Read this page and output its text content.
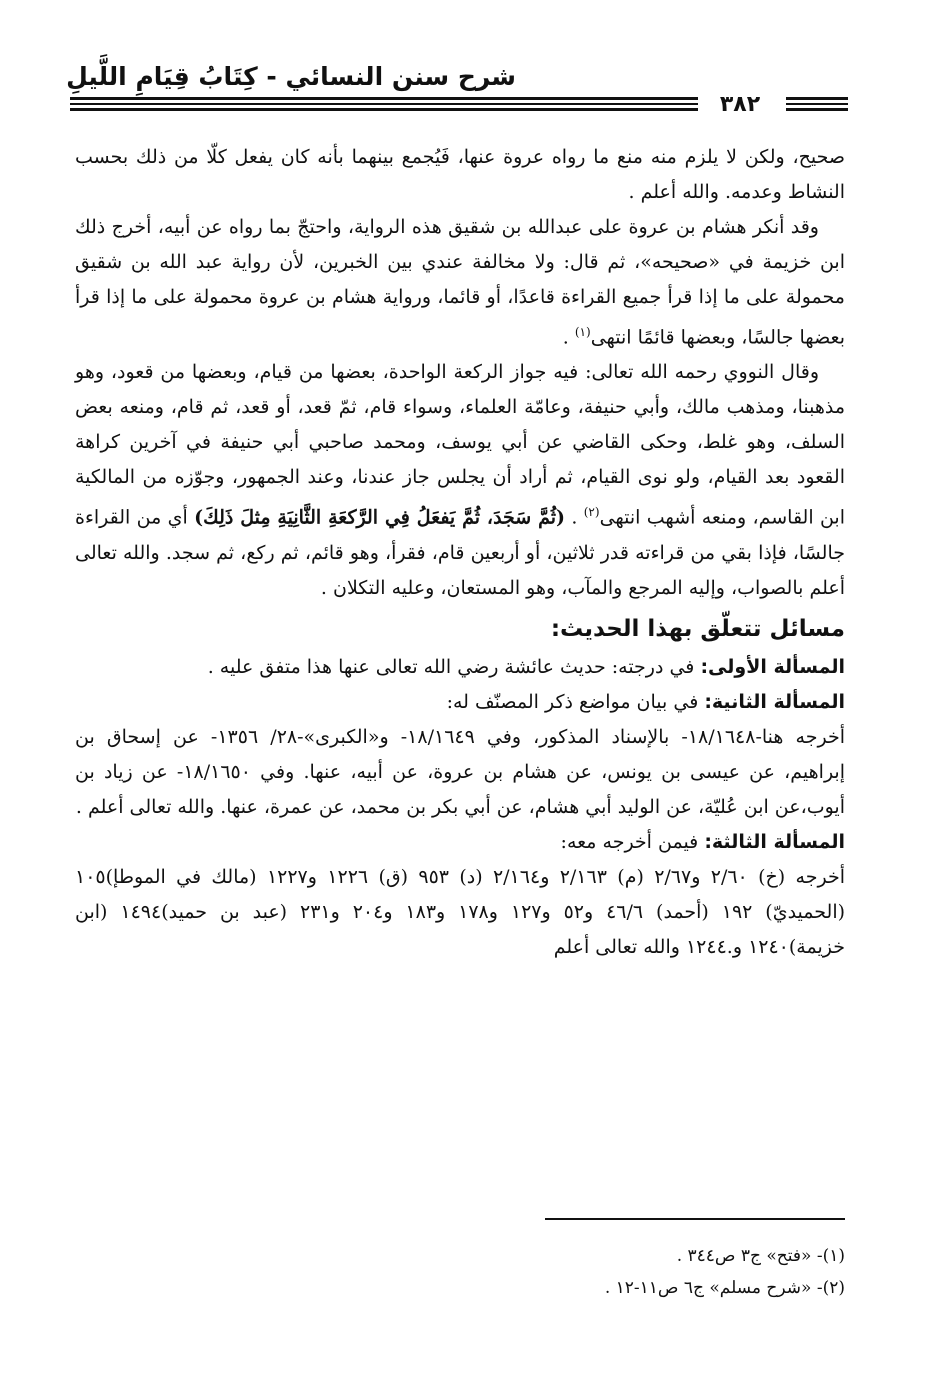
شرح سنن النسائي - كِتَابُ قِيَامِ اللَّيلِ
٣٨٢

صحيح، ولكن لا يلزم منه منع ما رواه عروة عنها، فَيُجمع بينهما بأنه كان يفعل كلّا من ذلك بحسب النشاط وعدمه. والله أعلم .

وقد أنكر هشام بن عروة على عبدالله بن شقيق هذه الرواية، واحتجّ بما رواه عن أبيه، أخرج ذلك ابن خزيمة في «صحيحه»، ثم قال: ولا مخالفة عندي بين الخبرين، لأن رواية عبد الله بن شقيق محمولة على ما إذا قرأ جميع القراءة قاعدًا، أو قائما، ورواية هشام بن عروة محمولة على ما إذا قرأ بعضها جالسًا، وبعضها قائمًا انتهى$^{(١)}$ .

وقال النووي رحمه الله تعالى: فيه جواز الركعة الواحدة، بعضها من قيام، وبعضها من قعود، وهو مذهبنا، ومذهب مالك، وأبي حنيفة، وعامّة العلماء، وسواء قام، ثمّ قعد، أو قعد، ثم قام، ومنعه بعض السلف، وهو غلط، وحكى القاضي عن أبي يوسف، ومحمد صاحبي أبي حنيفة في آخرين كراهة القعود بعد القيام، ولو نوى القيام، ثم أراد أن يجلس جاز عندنا، وعند الجمهور، وجوّزه من المالكية ابن القاسم، ومنعه أشهب انتهى$^{(٢)}$ . (ثُمَّ سَجَدَ، ثُمَّ يَفعَلُ فِي الرَّكعَةِ الثَّانِيَةِ مِثلَ ذَلِكَ) أي من القراءة جالسًا، فإذا بقي من قراءته قدر ثلاثين، أو أربعين قام، فقرأ، وهو قائم، ثم ركع، ثم سجد. والله تعالى أعلم بالصواب، وإليه المرجع والمآب، وهو المستعان، وعليه التكلان .

مسائل تتعلّق بهذا الحديث:

المسألة الأولى: في درجته: حديث عائشة رضي الله تعالى عنها هذا متفق عليه .

المسألة الثانية: في بيان مواضع ذكر المصنّف له:

أخرجه هنا-١٨/١٦٤٨- بالإسناد المذكور، وفي ١٨/١٦٤٩- و«الكبرى»-٢٨/ ١٣٥٦- عن إسحاق بن إبراهيم، عن عيسى بن يونس، عن هشام بن عروة، عن أبيه، عنها. وفي ١٨/١٦٥٠- عن زياد بن أيوب،عن ابن عُليّة، عن الوليد أبي هشام، عن أبي بكر بن محمد، عن عمرة، عنها. والله تعالى أعلم .

المسألة الثالثة: فيمن أخرجه معه:

أخرجه (خ) ٢/٦٠ و٢/٦٧ (م) ٢/١٦٣ و٢/١٦٤ (د) ٩٥٣ (ق) ١٢٢٦ و١٢٢٧ (مالك في الموطإ)١٠٥ (الحميديّ) ١٩٢ (أحمد) ٤٦/٦ و٥٢ و١٢٧ و١٧٨ و١٨٣ و٢٠٤ و٢٣١ (عبد بن حميد)١٤٩٤ (ابن خزيمة)١٢٤٠ و.١٢٤٤ والله تعالى أعلم

(١)- «فتح» ج٣ ص٣٤٤ .
(٢)- «شرح مسلم» ج٦ ص١١-١٢ .
